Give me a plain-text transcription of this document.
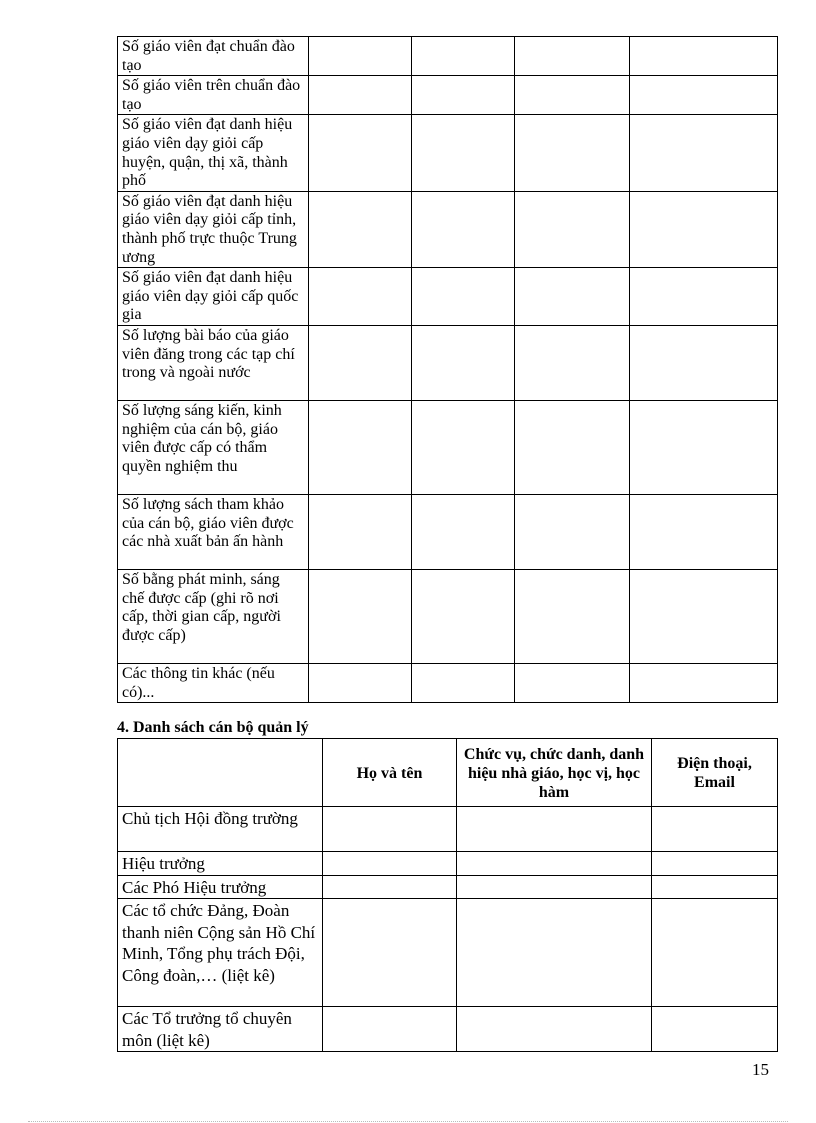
Số giáo viên đạt chuẩn đào tạo				
Số giáo viên trên chuẩn đào tạo				
Số giáo viên đạt danh hiệu giáo viên dạy giỏi cấp huyện, quận, thị xã, thành phố				
Số giáo viên đạt danh hiệu giáo viên dạy giỏi cấp tỉnh, thành phố trực thuộc Trung ương				
Số giáo viên đạt danh hiệu giáo viên dạy giỏi cấp quốc gia				
Số lượng bài báo của giáo viên đăng trong các tạp chí trong và ngoài nước				
Số lượng sáng kiến, kinh nghiệm của cán bộ, giáo viên được cấp có thẩm quyền nghiệm thu				
Số lượng sách tham khảo của cán bộ, giáo viên được các nhà xuất bản ấn hành				
Số bằng phát minh, sáng chế được cấp (ghi rõ nơi cấp, thời gian cấp, người được cấp)				
Các thông tin khác (nếu có)...				
4. Danh sách cán bộ quản lý
	Họ và tên	Chức vụ, chức danh, danh hiệu nhà giáo, học vị, học hàm	Điện thoại, Email
Chủ tịch Hội đồng trường			
Hiệu trưởng			
Các Phó Hiệu trưởng			
Các tổ chức Đảng, Đoàn thanh niên Cộng sản Hồ Chí Minh, Tổng phụ trách Đội, Công đoàn,… (liệt kê)			
Các Tổ trưởng tổ chuyên môn (liệt kê)			
15
